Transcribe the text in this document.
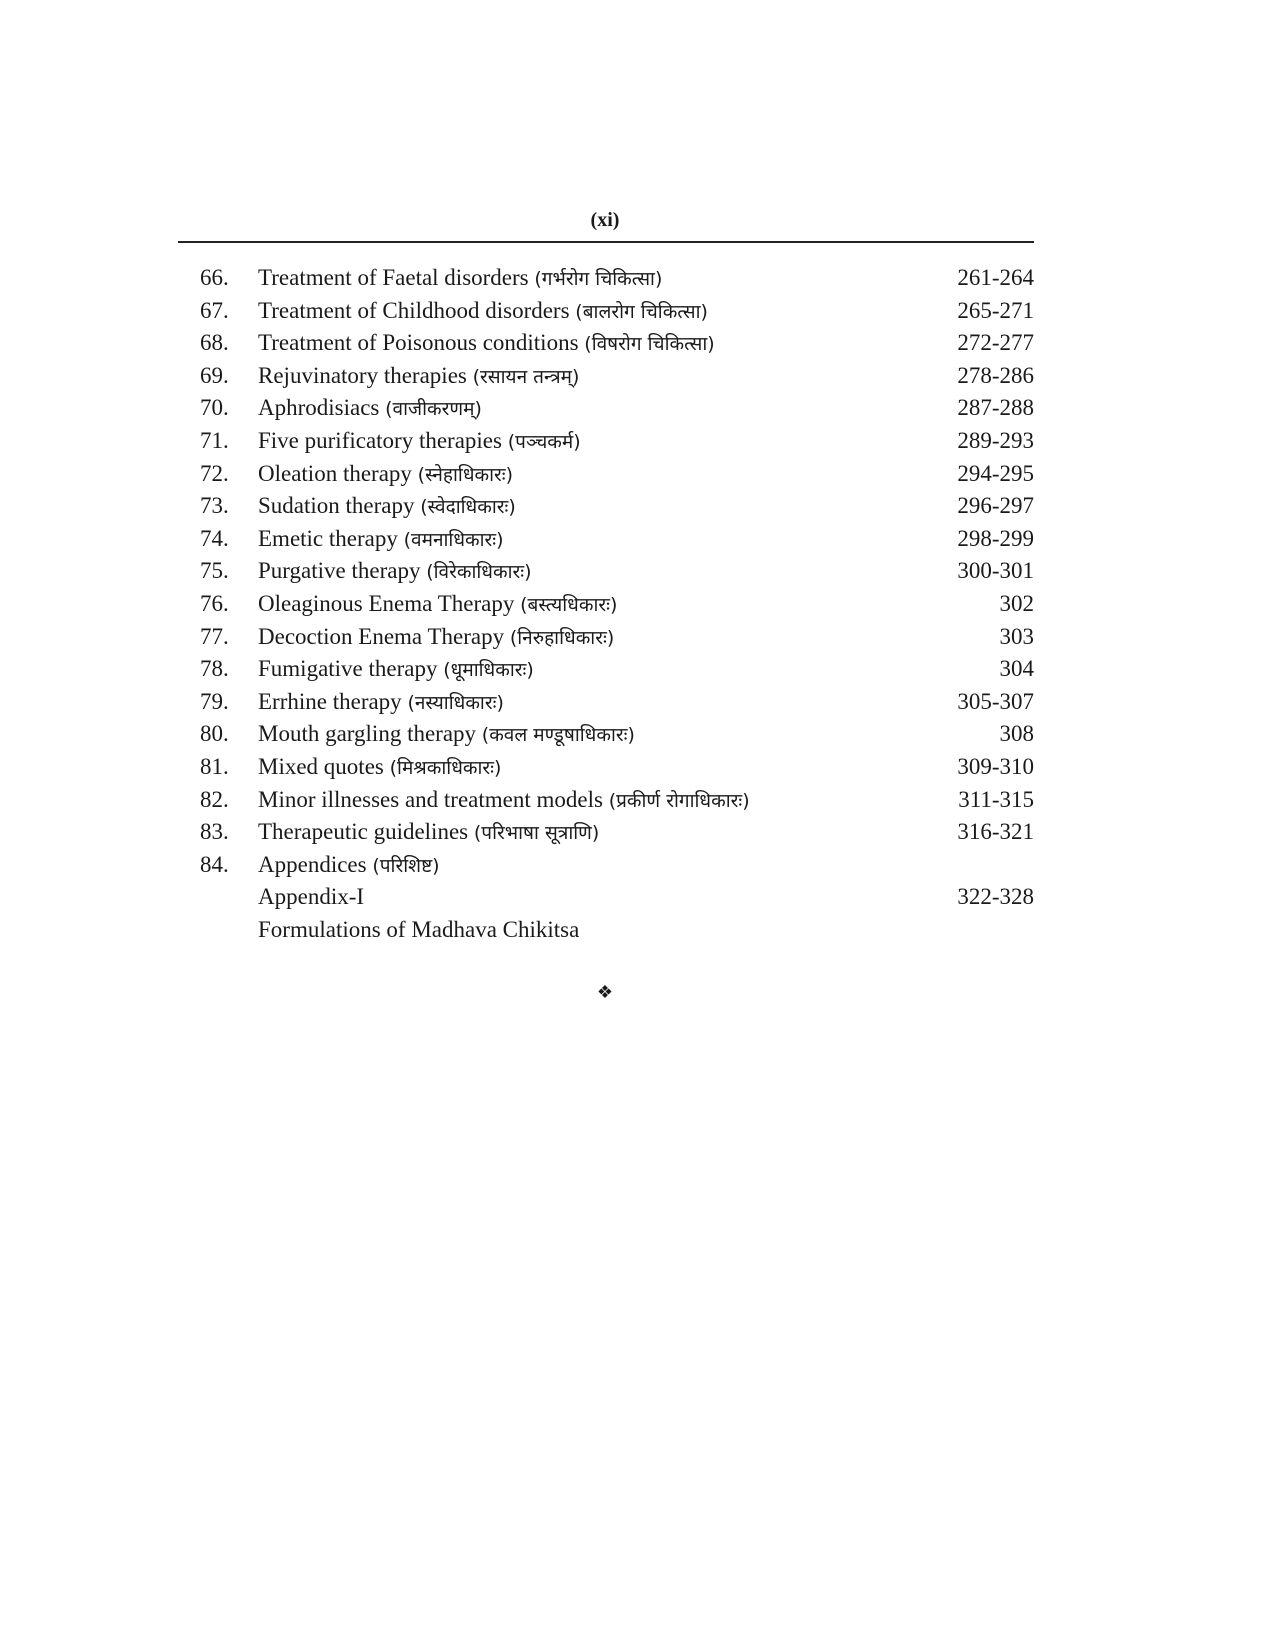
(xi)
66.	Treatment of Faetal disorders (गर्भरोग चिकित्सा)	261-264
67.	Treatment of Childhood disorders (बालरोग चिकित्सा)	265-271
68.	Treatment of Poisonous conditions (विषरोग चिकित्सा)	272-277
69.	Rejuvinatory therapies (रसायन तन्त्रम्)	278-286
70.	Aphrodisiacs (वाजीकरणम्)	287-288
71.	Five purificatory therapies (पञ्चकर्म)	289-293
72.	Oleation therapy (स्नेहाधिकारः)	294-295
73.	Sudation therapy (स्वेदाधिकारः)	296-297
74.	Emetic therapy (वमनाधिकारः)	298-299
75.	Purgative therapy (विरेकाधिकारः)	300-301
76.	Oleaginous Enema Therapy (बस्त्यधिकारः)	302
77.	Decoction Enema Therapy (निरुहाधिकारः)	303
78.	Fumigative therapy (धूमाधिकारः)	304
79.	Errhine therapy (नस्याधिकारः)	305-307
80.	Mouth gargling therapy (कवल मण्डूषाधिकारः)	308
81.	Mixed quotes (मिश्रकाधिकारः)	309-310
82.	Minor illnesses and treatment models (प्रकीर्ण रोगाधिकारः)	311-315
83.	Therapeutic guidelines (परिभाषा सूत्राणि)	316-321
84.	Appendices (परिशिष्ट)
Appendix-I	322-328
Formulations of Madhava Chikitsa
❖
